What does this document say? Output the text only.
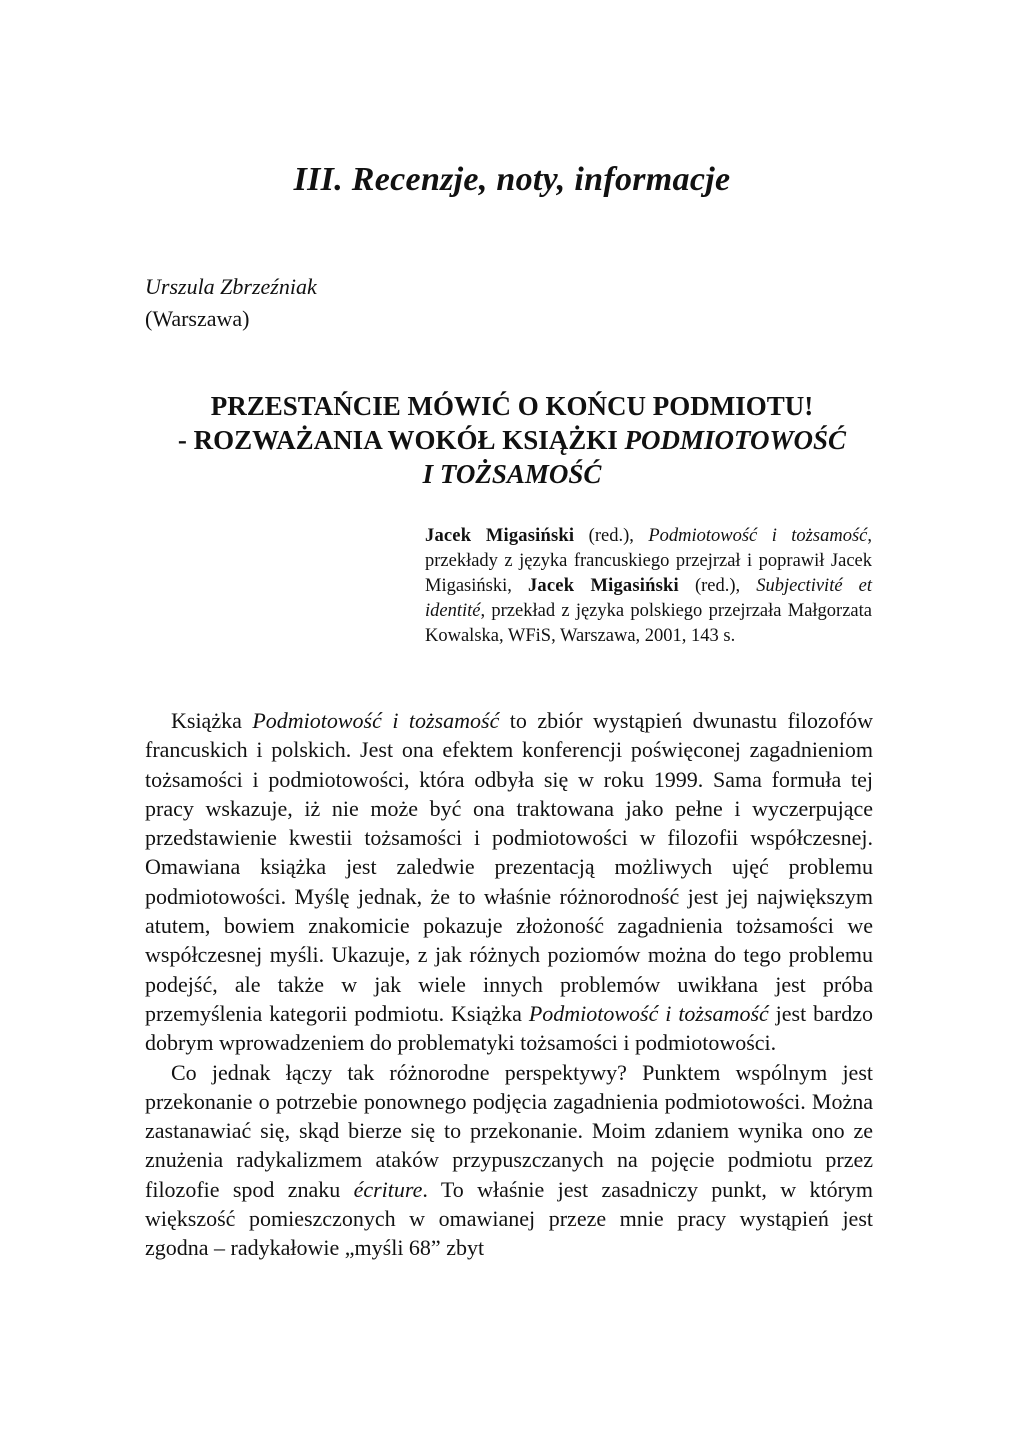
III. Recenzje, noty, informacje
Urszula Zbrzeźniak
(Warszawa)
PRZESTAŃCIE MÓWIĆ O KOŃCU PODMIOTU!
- ROZWAŻANIA WOKÓŁ KSIĄŻKI PODMIOTOWOŚĆ
I TOŻSAMOŚĆ
Jacek Migasiński (red.), Podmiotowość i tożsamość, przekłady z języka francuskiego przejrzał i poprawił Jacek Migasiński, Jacek Migasiński (red.), Subjectivité et identité, przekład z języka polskiego przejrzała Małgorzata Kowalska, WFiS, Warszawa, 2001, 143 s.

Książka Podmiotowość i tożsamość to zbiór wystąpień dwunastu filozofów francuskich i polskich. Jest ona efektem konferencji poświęconej zagadnieniom tożsamości i podmiotowości, która odbyła się w roku 1999. Sama formuła tej pracy wskazuje, iż nie może być ona traktowana jako pełne i wyczerpujące przedstawienie kwestii tożsamości i podmiotowości w filozofii współczesnej. Omawiana książka jest zaledwie prezentacją możliwych ujęć problemu podmiotowości. Myślę jednak, że to właśnie różnorodność jest jej największym atutem, bowiem znakomicie pokazuje złożoność zagadnienia tożsamości we współczesnej myśli. Ukazuje, z jak różnych poziomów można do tego problemu podejść, ale także w jak wiele innych problemów uwikłana jest próba przemyślenia kategorii podmiotu. Książka Podmiotowość i tożsamość jest bardzo dobrym wprowadzeniem do problematyki tożsamości i podmiotowości.

Co jednak łączy tak różnorodne perspektywy? Punktem wspólnym jest przekonanie o potrzebie ponownego podjęcia zagadnienia podmiotowości. Można zastanawiać się, skąd bierze się to przekonanie. Moim zdaniem wynika ono ze znużenia radykalizmem ataków przypuszczanych na pojęcie podmiotu przez filozofie spod znaku écriture. To właśnie jest zasadniczy punkt, w którym większość pomieszczonych w omawianej przeze mnie pracy wystąpień jest zgodna – radykałowie „myśli 68” zbyt
